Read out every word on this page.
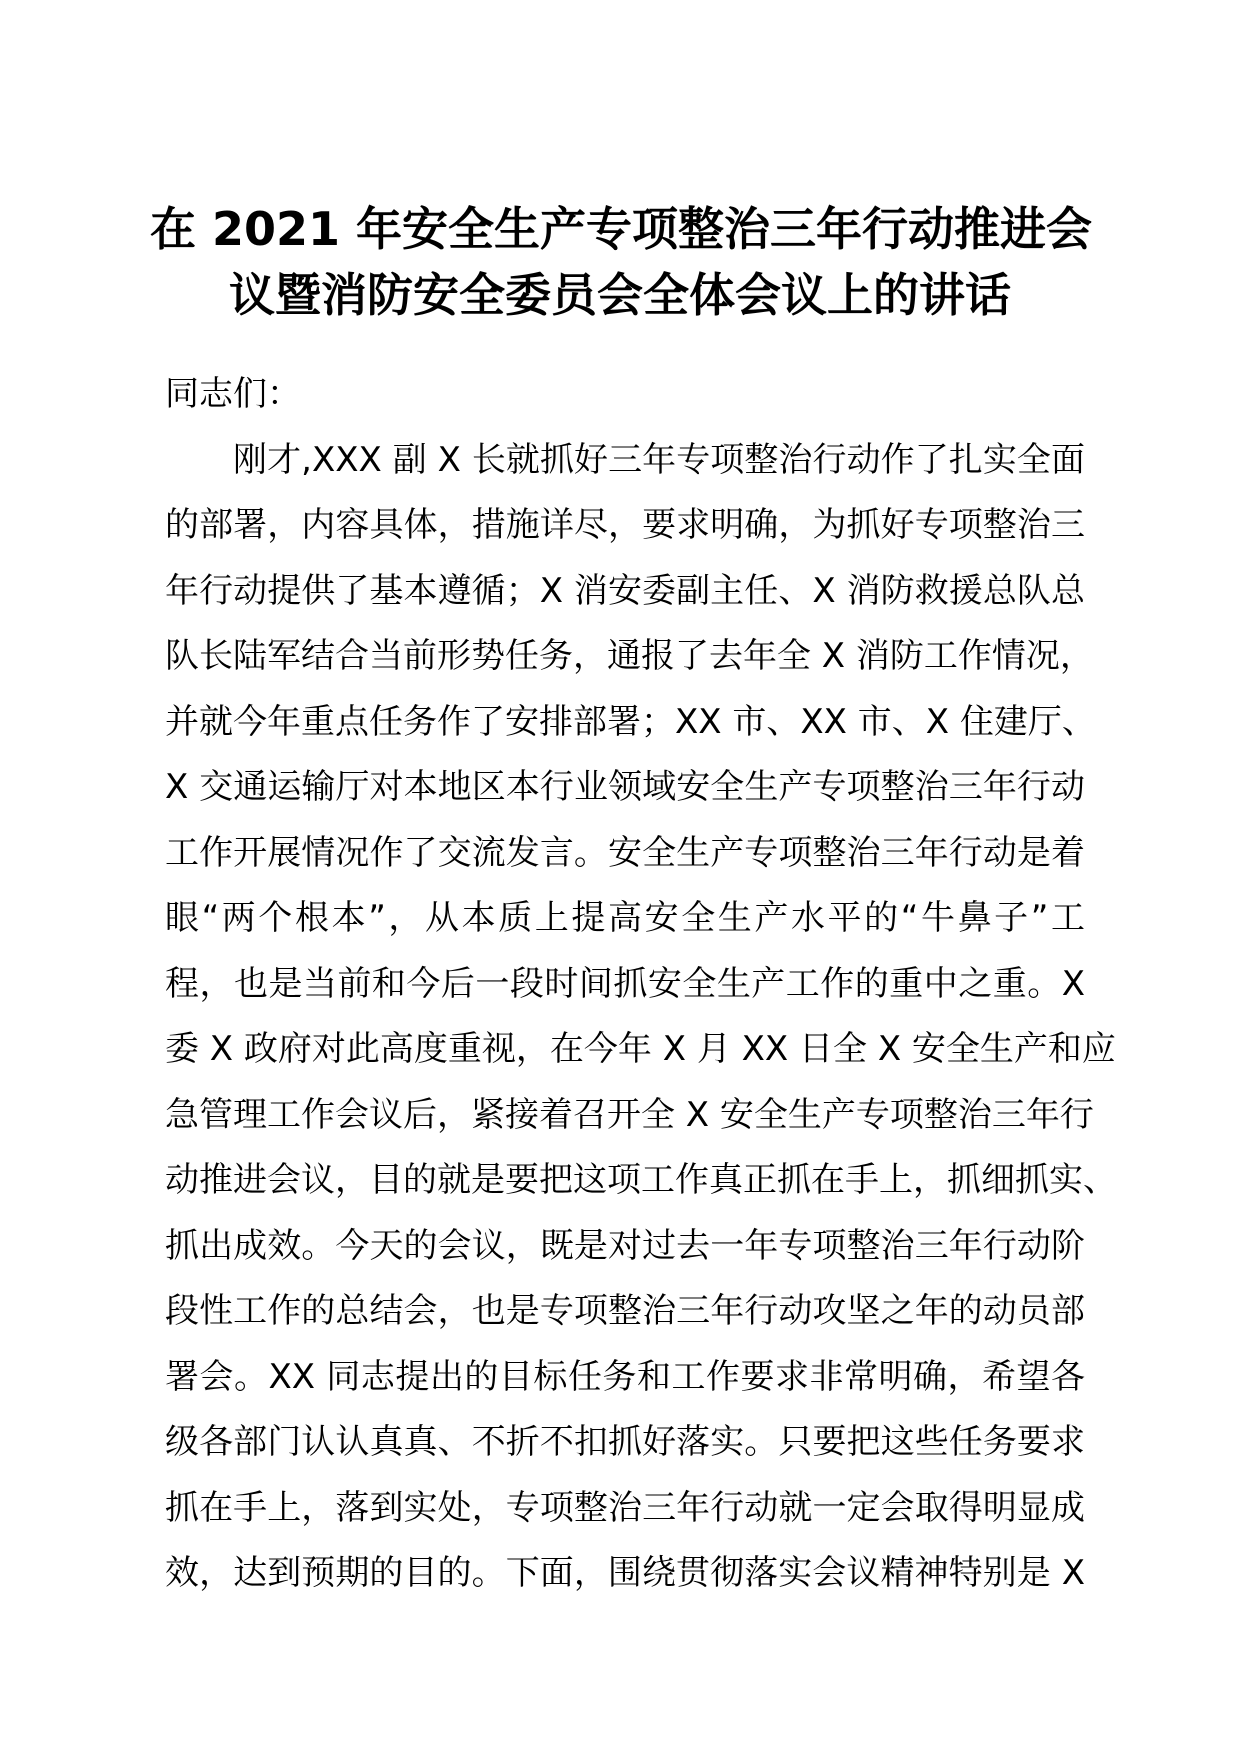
在 2021 年安全生产专项整治三年行动推进会
议暨消防安全委员会全体会议上的讲话
同志们：
刚才,XXX 副 X 长就抓好三年专项整治行动作了扎实全面
的部署，内容具体，措施详尽，要求明确，为抓好专项整治三
年行动提供了基本遵循；X 消安委副主任、X 消防救援总队总
队长陆军结合当前形势任务，通报了去年全 X 消防工作情况，
并就今年重点任务作了安排部署；XX 市、XX 市、X 住建厅、
X 交通运输厅对本地区本行业领域安全生产专项整治三年行动
工作开展情况作了交流发言。安全生产专项整治三年行动是着
眼“两个根本”，从本质上提高安全生产水平的“牛鼻子”工
程，也是当前和今后一段时间抓安全生产工作的重中之重。X
委 X 政府对此高度重视，在今年 X 月 XX 日全 X 安全生产和应
急管理工作会议后，紧接着召开全 X 安全生产专项整治三年行
动推进会议，目的就是要把这项工作真正抓在手上，抓细抓实、
抓出成效。今天的会议，既是对过去一年专项整治三年行动阶
段性工作的总结会，也是专项整治三年行动攻坚之年的动员部
署会。XX 同志提出的目标任务和工作要求非常明确，希望各
级各部门认认真真、不折不扣抓好落实。只要把这些任务要求
抓在手上，落到实处，专项整治三年行动就一定会取得明显成
效，达到预期的目的。下面，围绕贯彻落实会议精神特别是 X
